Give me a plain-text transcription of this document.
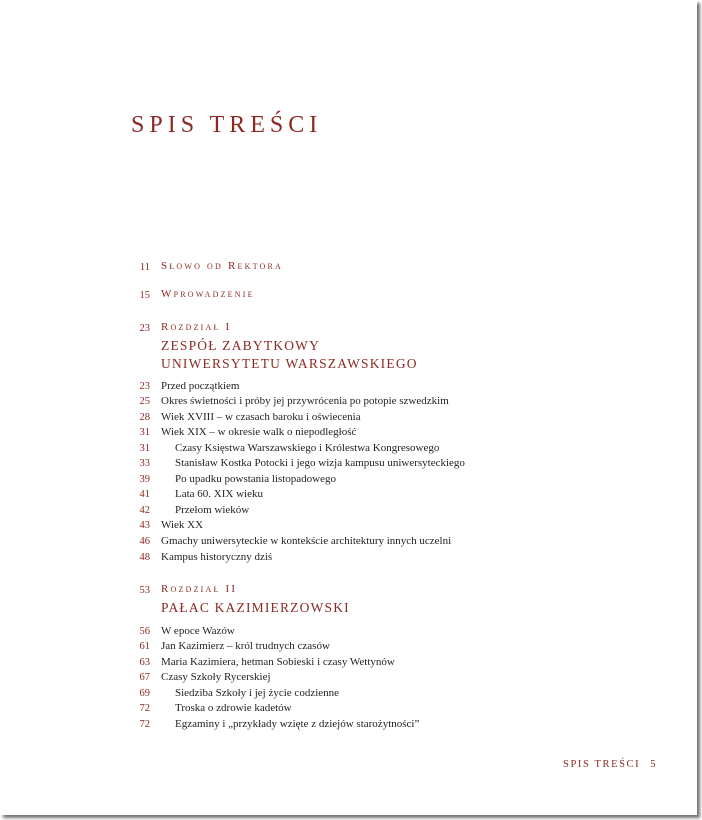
SPIS TREŚCI
11 Słowo od Rektora
15 Wprowadzenie
23 Rozdział I
ZESPÓŁ ZABYTKOWY
UNIWERSYTETU WARSZAWSKIEGO
23 Przed początkiem
25 Okres świetności i próby jej przywrócenia po potopie szwedzkim
28 Wiek XVIII – w czasach baroku i oświecenia
31 Wiek XIX – w okresie walk o niepodległość
31 Czasy Księstwa Warszawskiego i Królestwa Kongresowego
33 Stanisław Kostka Potocki i jego wizja kampusu uniwersyteckiego
39 Po upadku powstania listopadowego
41 Lata 60. XIX wieku
42 Przełom wieków
43 Wiek XX
46 Gmachy uniwersyteckie w kontekście architektury innych uczelni
48 Kampus historyczny dziś
53 Rozdział II
PAŁAC KAZIMIERZOWSKI
56 W epoce Wazów
61 Jan Kazimierz – król trudnych czasów
63 Maria Kazimiera, hetman Sobieski i czasy Wettynów
67 Czasy Szkoły Rycerskiej
69 Siedziba Szkoły i jej życie codzienne
72 Troska o zdrowie kadetów
72 Egzaminy i „przykłady wzięte z dziejów starożytności”
SPIS TREŚCI 5
